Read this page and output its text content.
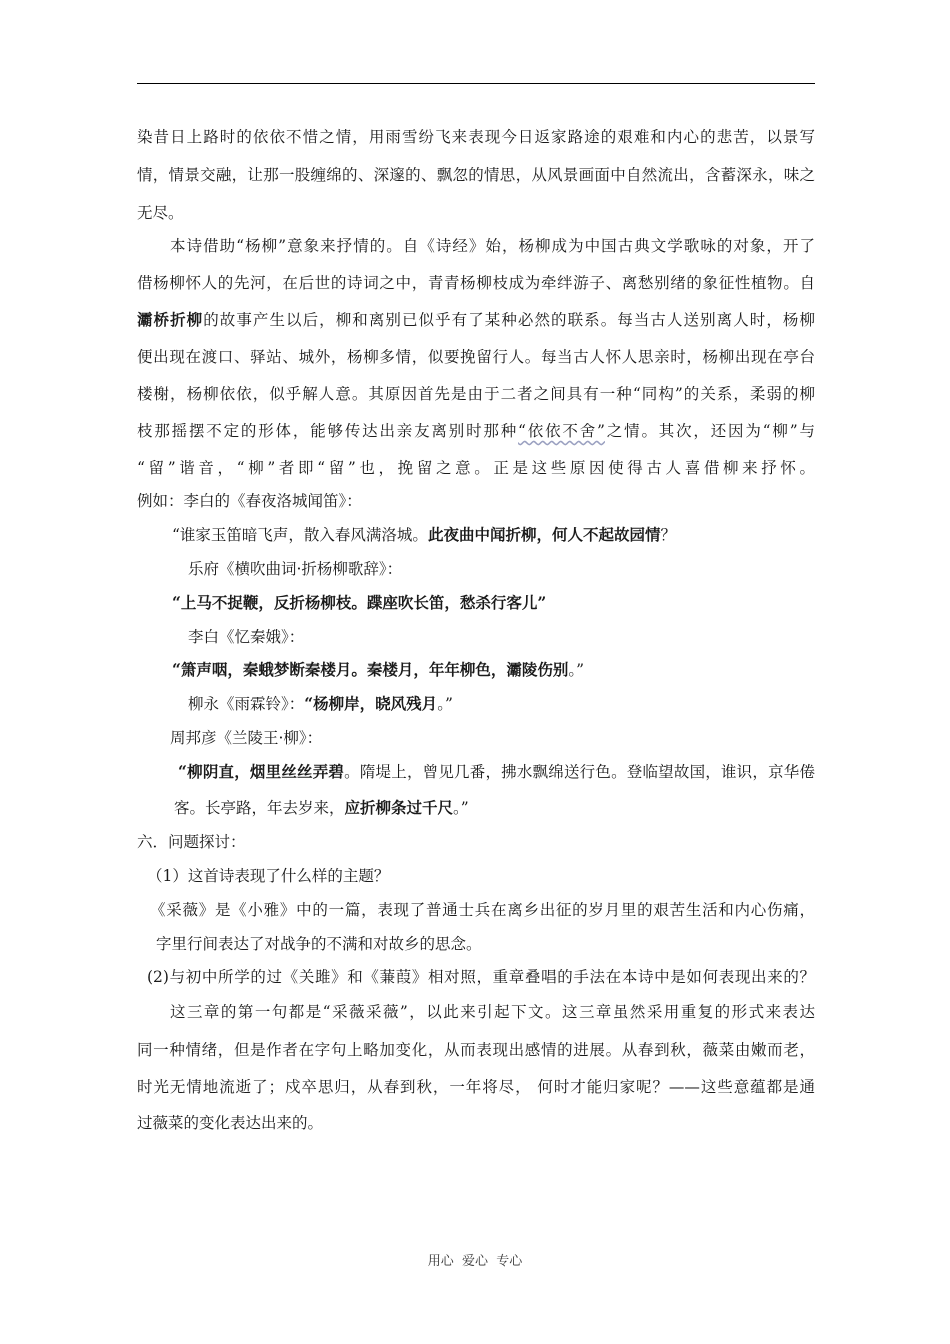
染昔日上路时的依依不惜之情，用雨雪纷飞来表现今日返家路途的艰难和内心的悲苦，以景写
情，情景交融，让那一股缠绵的、深邃的、飘忽的情思，从风景画面中自然流出，含蓄深永，味之
无尽。
本诗借助“杨柳”意象来抒情的。自《诗经》始，杨柳成为中国古典文学歌咏的对象，开了
借杨柳怀人的先河，在后世的诗词之中，青青杨柳枝成为牵绊游子、离愁别绪的象征性植物。自
灞桥折柳的故事产生以后，柳和离别已似乎有了某种必然的联系。每当古人送别离人时，杨柳
便出现在渡口、驿站、城外，杨柳多情，似要挽留行人。每当古人怀人思亲时，杨柳出现在亭台
楼榭，杨柳依依，似乎解人意。其原因首先是由于二者之间具有一种“同构”的关系，柔弱的柳
枝那摇摆不定的形体，能够传达出亲友离别时那种“依依不舍”之情。其次，还因为“柳”与
“留”谐音，“柳”者即“留”也，挽留之意。正是这些原因使得古人喜借柳来抒怀。
例如：李白的《春夜洛城闻笛》：
“谁家玉笛暗飞声，散入春风满洛城。此夜曲中闻折柳，何人不起故园情？
乐府《横吹曲词·折杨柳歌辞》：
“上马不捉鞭，反折杨柳枝。蹀座吹长笛，愁杀行客儿”
李白《忆秦娥》：
“箫声咽，秦蛾梦断秦楼月。秦楼月，年年柳色，灞陵伤别。”
柳永《雨霖铃》：“杨柳岸，晓风残月。”
周邦彦《兰陵王·柳》：
“柳阴直，烟里丝丝弄碧。隋堤上，曾见几番，拂水飘绵送行色。登临望故国，谁识，京华倦
客。长亭路，年去岁来，应折柳条过千尺。”
六．问题探讨：
（1）这首诗表现了什么样的主题？
《采薇》是《小雅》中的一篇，表现了普通士兵在离乡出征的岁月里的艰苦生活和内心伤痛，
字里行间表达了对战争的不满和对故乡的思念。
(2)与初中所学的过《关雎》和《蒹葭》相对照，重章叠唱的手法在本诗中是如何表现出来的？
这三章的第一句都是“采薇采薇”，以此来引起下文。这三章虽然采用重复的形式来表达
同一种情绪，但是作者在字句上略加变化，从而表现出感情的进展。从春到秋，薇菜由嫩而老，
时光无情地流逝了；戍卒思归，从春到秋，一年将尽， 何时才能归家呢？——这些意蕴都是通
过薇菜的变化表达出来的。
用心  爱心  专心
